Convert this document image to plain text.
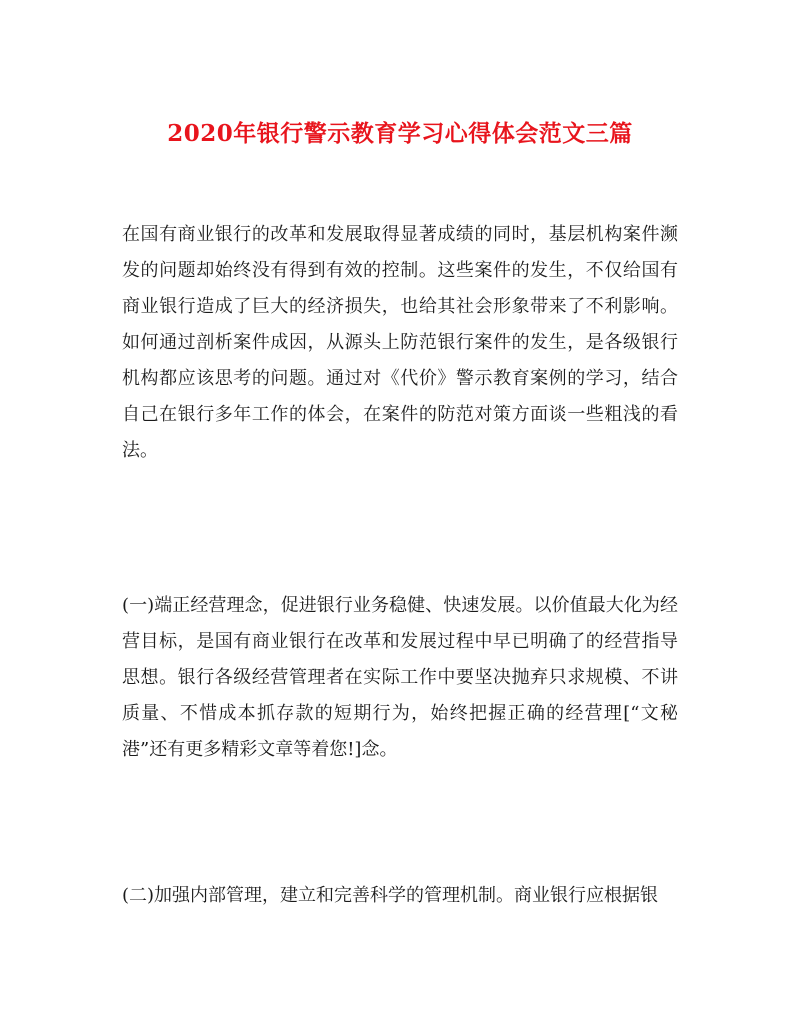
2020年银行警示教育学习心得体会范文三篇

在国有商业银行的改革和发展取得显著成绩的同时，基层机构案件濒发的问题却始终没有得到有效的控制。这些案件的发生，不仅给国有商业银行造成了巨大的经济损失，也给其社会形象带来了不利影响。如何通过剖析案件成因，从源头上防范银行案件的发生，是各级银行机构都应该思考的问题。通过对《代价》警示教育案例的学习，结合自己在银行多年工作的体会，在案件的防范对策方面谈一些粗浅的看法。

(一)端正经营理念，促进银行业务稳健、快速发展。以价值最大化为经营目标，是国有商业银行在改革和发展过程中早已明确了的经营指导思想。银行各级经营管理者在实际工作中要坚决抛弃只求规模、不讲质量、不惜成本抓存款的短期行为，始终把握正确的经营理[“文秘港”还有更多精彩文章等着您!]念。

(二)加强内部管理，建立和完善科学的管理机制。商业银行应根据银
